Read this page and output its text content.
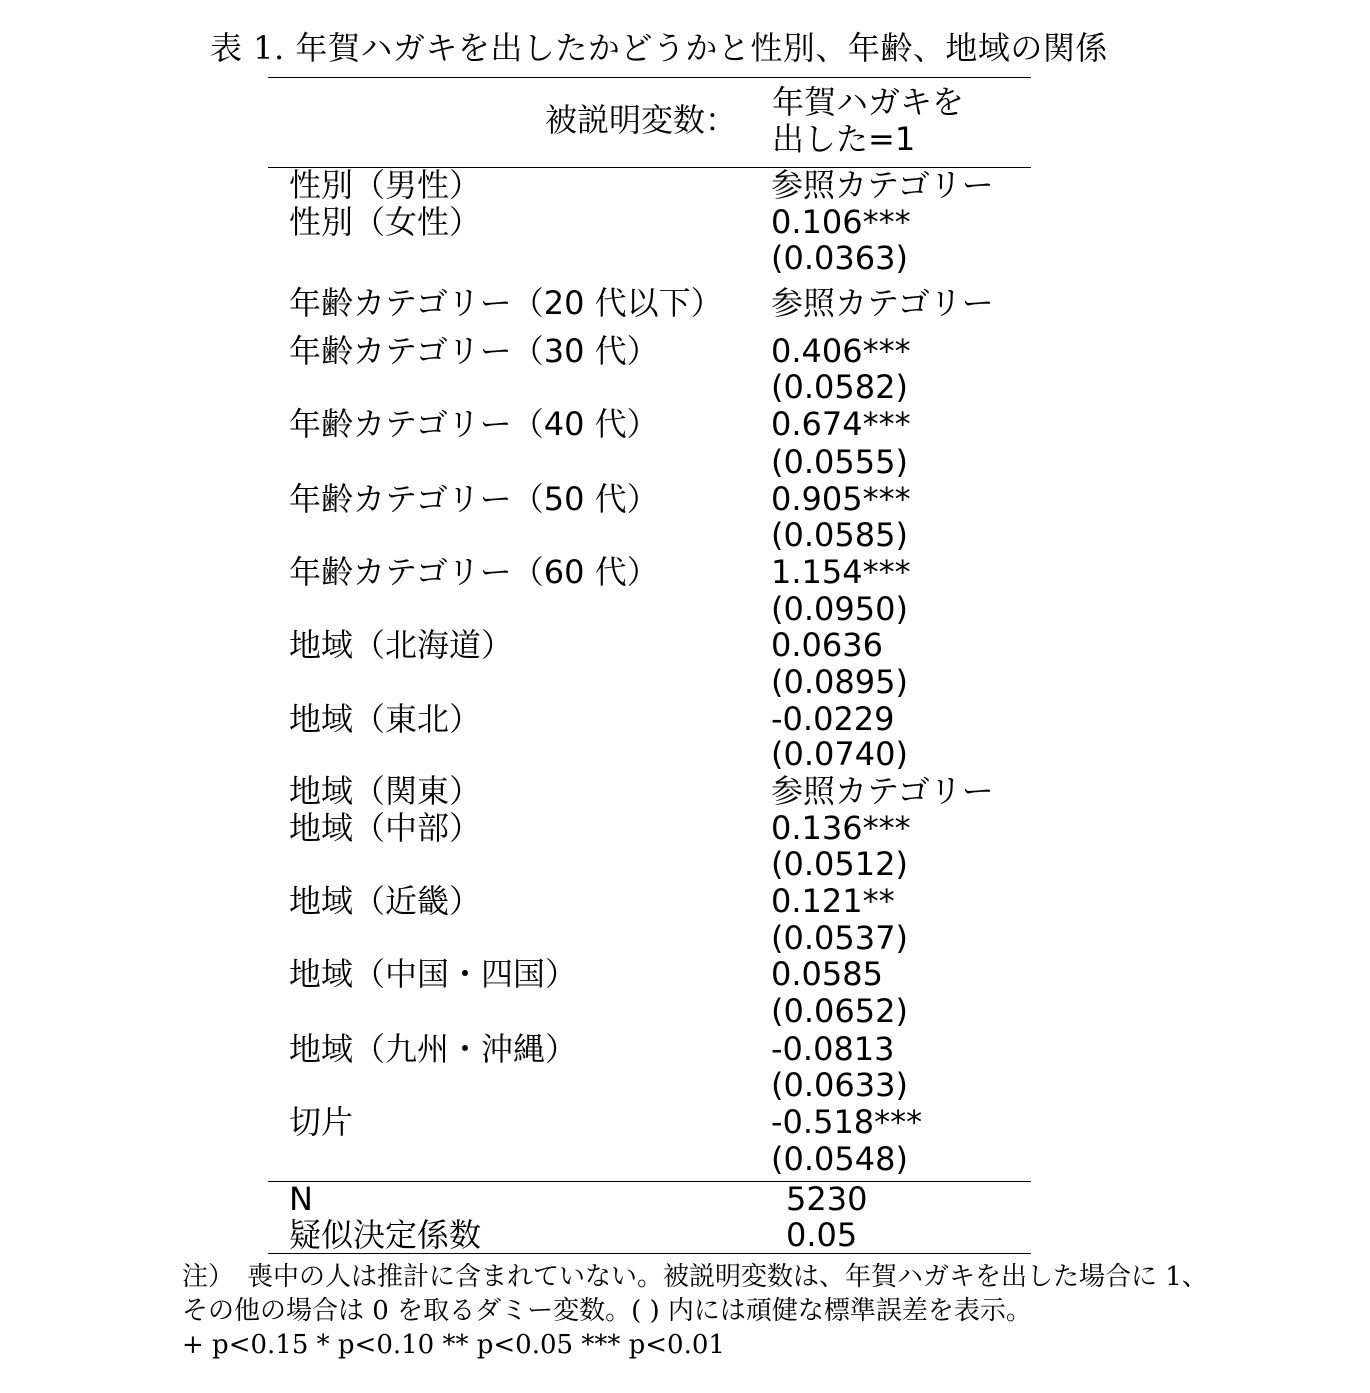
表 1. 年賀ハガキを出したかどうかと性別、年齢、地域の関係
被説明変数： 年賀ハガキを
出した=1
性別（男性）	参照カテゴリー
性別（女性）	0.106***
(0.0363)
年齢カテゴリー（20 代以下） 参照カテゴリー
年齢カテゴリー（30 代）	0.406***
(0.0582)
年齢カテゴリー（40 代）	0.674***
(0.0555)
年齢カテゴリー（50 代）	0.905***
(0.0585)
年齢カテゴリー（60 代）	1.154***
(0.0950)
地域（北海道）	0.0636
(0.0895)
地域（東北）	-0.0229
(0.0740)
地域（関東）	参照カテゴリー
地域（中部）	0.136***
(0.0512)
地域（近畿）	0.121**
(0.0537)
地域（中国・四国）	0.0585
(0.0652)
地域（九州・沖縄）	-0.0813
(0.0633)
切片	-0.518***
(0.0548)
N	5230
疑似決定係数	0.05
注）　喪中の人は推計に含まれていない。被説明変数は、年賀ハガキを出した場合に 1、
その他の場合は 0 を取るダミー変数。( ) 内には頑健な標準誤差を表示。
+ p<0.15 * p<0.10 ** p<0.05 *** p<0.01
